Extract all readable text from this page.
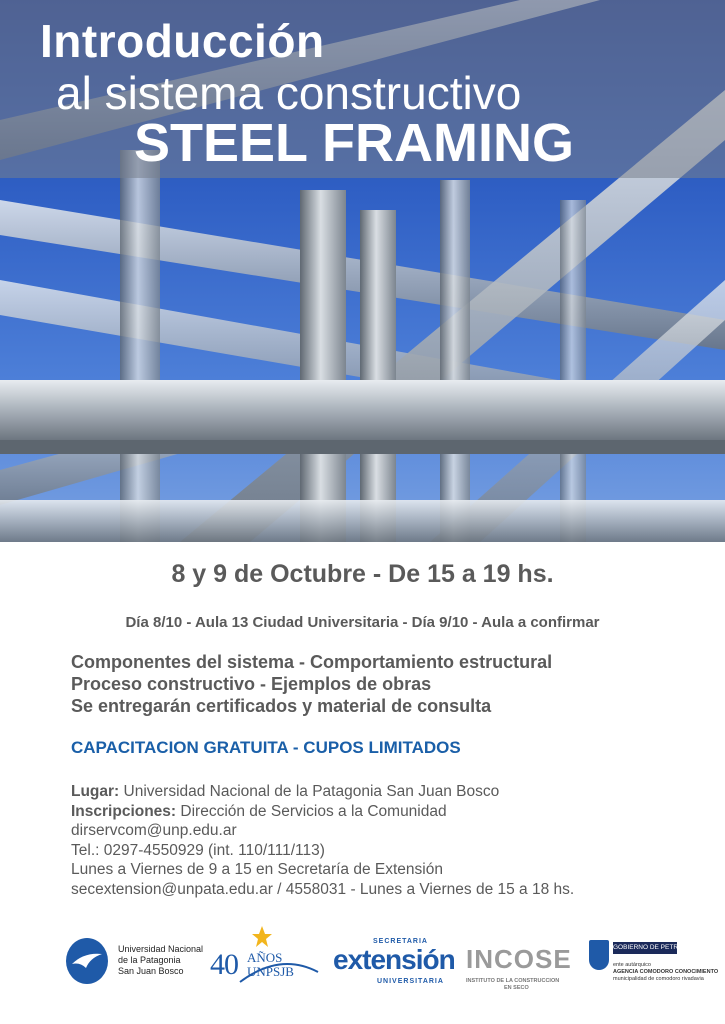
Introducción
al sistema constructivo
STEEL FRAMING

8 y 9 de Octubre - De 15 a 19 hs.

Día 8/10 - Aula 13 Ciudad Universitaria - Día 9/10 - Aula a confirmar

Componentes del sistema - Comportamiento estructural
Proceso constructivo - Ejemplos de obras
Se entregarán certificados y material de consulta

CAPACITACION GRATUITA - CUPOS LIMITADOS

Lugar: Universidad Nacional de la Patagonia San Juan Bosco
Inscripciones: Dirección de Servicios a la Comunidad
dirservcom@unp.edu.ar
Tel.: 0297-4550929 (int. 110/111/113)
Lunes a Viernes de 9 a 15 en Secretaría de Extensión
secextension@unpata.edu.ar / 4558031 - Lunes a Viernes de 15 a 18 hs.
Universidad Nacional
de la Patagonia
San Juan Bosco 40 AÑOS
UNPSJB
SECRETARIA
extensión
UNIVERSITARIA
INCOSE
INSTITUTO DE LA CONSTRUCCION
EN SECO
GOBIERNO DE PETRO
ente autárquico
AGENCIA COMODORO CONOCIMIENTO
municipalidad de comodoro rivadavia
